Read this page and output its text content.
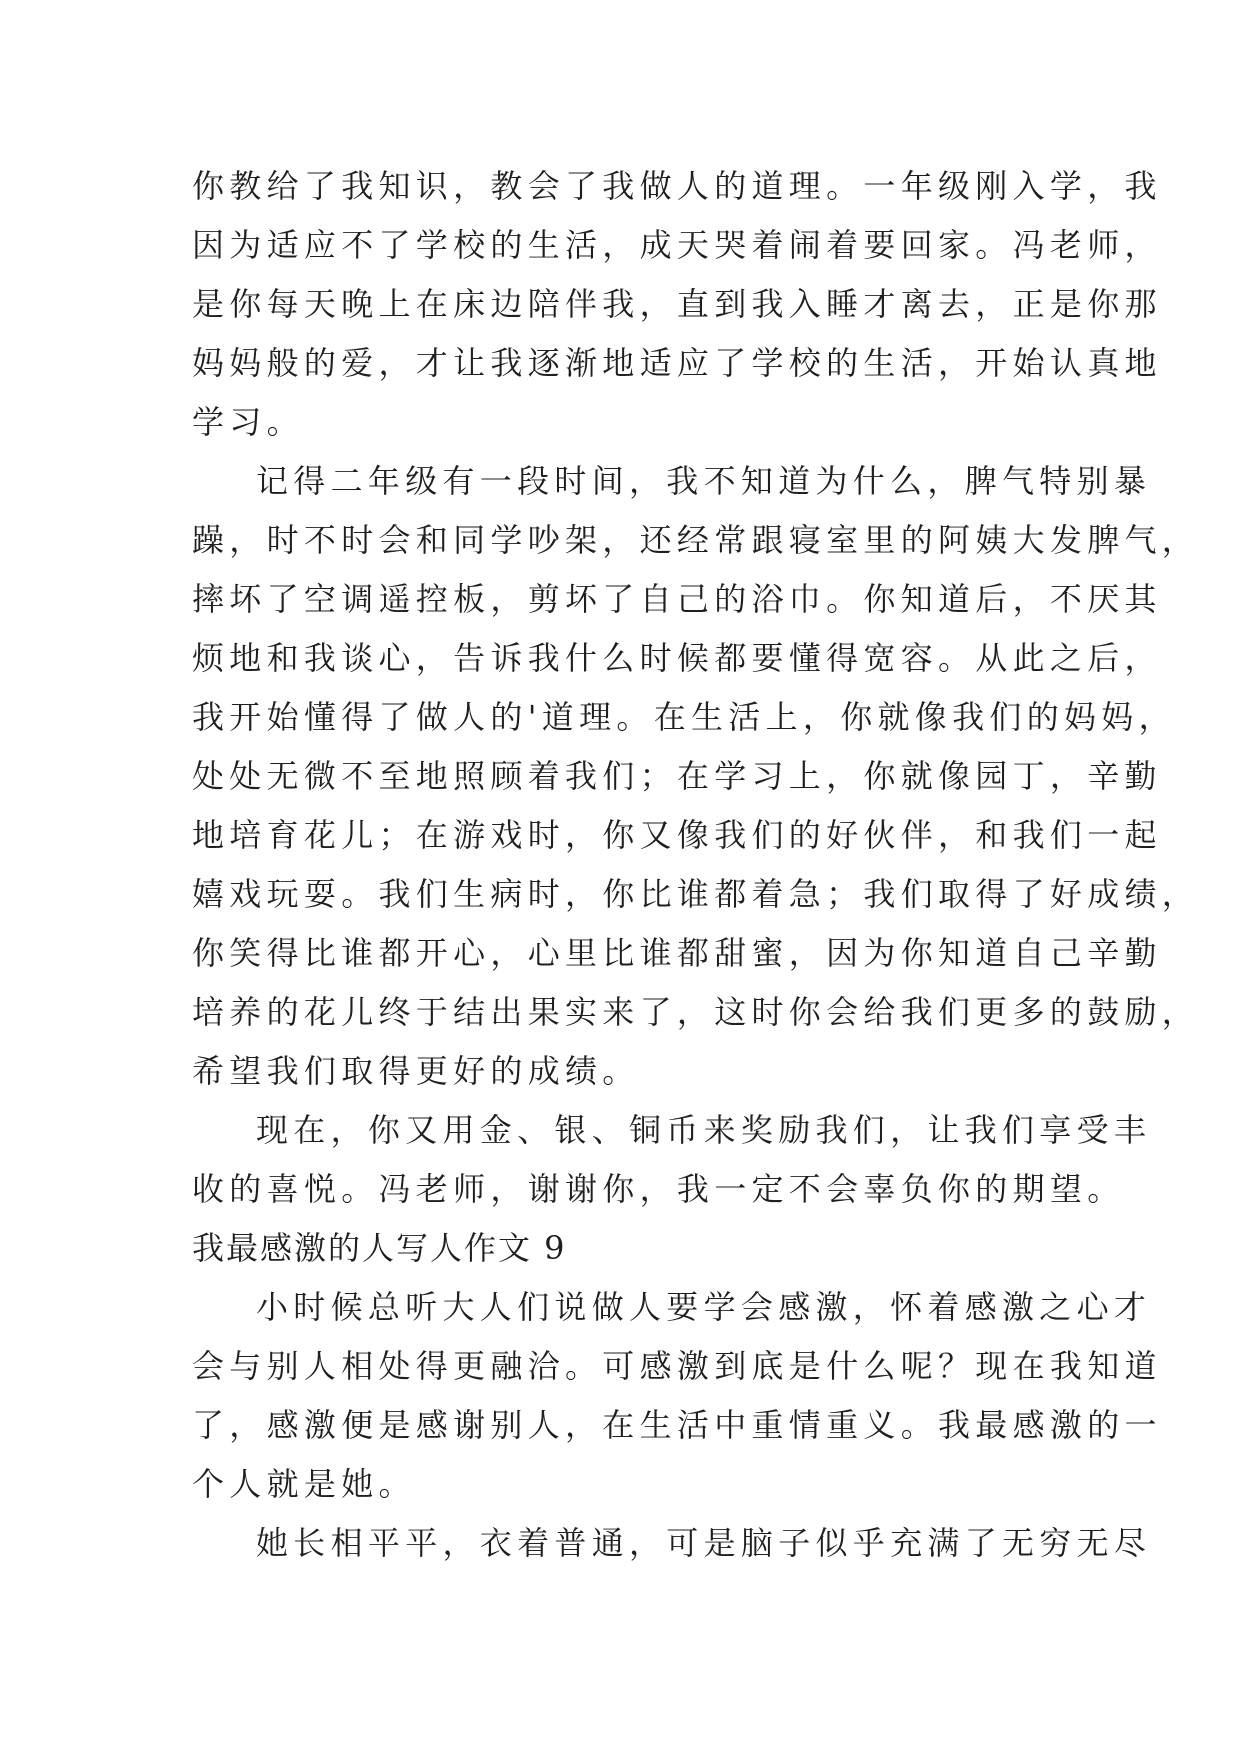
你教给了我知识，教会了我做人的道理。一年级刚入学，我
因为适应不了学校的生活，成天哭着闹着要回家。冯老师，
是你每天晚上在床边陪伴我，直到我入睡才离去，正是你那
妈妈般的爱，才让我逐渐地适应了学校的生活，开始认真地
学习。
记得二年级有一段时间，我不知道为什么，脾气特别暴
躁，时不时会和同学吵架，还经常跟寝室里的阿姨大发脾气，
摔坏了空调遥控板，剪坏了自己的浴巾。你知道后，不厌其
烦地和我谈心，告诉我什么时候都要懂得宽容。从此之后，
我开始懂得了做人的'道理。在生活上，你就像我们的妈妈，
处处无微不至地照顾着我们；在学习上，你就像园丁，辛勤
地培育花儿；在游戏时，你又像我们的好伙伴，和我们一起
嬉戏玩耍。我们生病时，你比谁都着急；我们取得了好成绩，
你笑得比谁都开心，心里比谁都甜蜜，因为你知道自己辛勤
培养的花儿终于结出果实来了，这时你会给我们更多的鼓励，
希望我们取得更好的成绩。
现在，你又用金、银、铜币来奖励我们，让我们享受丰
收的喜悦。冯老师，谢谢你，我一定不会辜负你的期望。
我最感激的人写人作文 9
小时候总听大人们说做人要学会感激，怀着感激之心才
会与别人相处得更融洽。可感激到底是什么呢？现在我知道
了，感激便是感谢别人，在生活中重情重义。我最感激的一
个人就是她。
她长相平平，衣着普通，可是脑子似乎充满了无穷无尽
